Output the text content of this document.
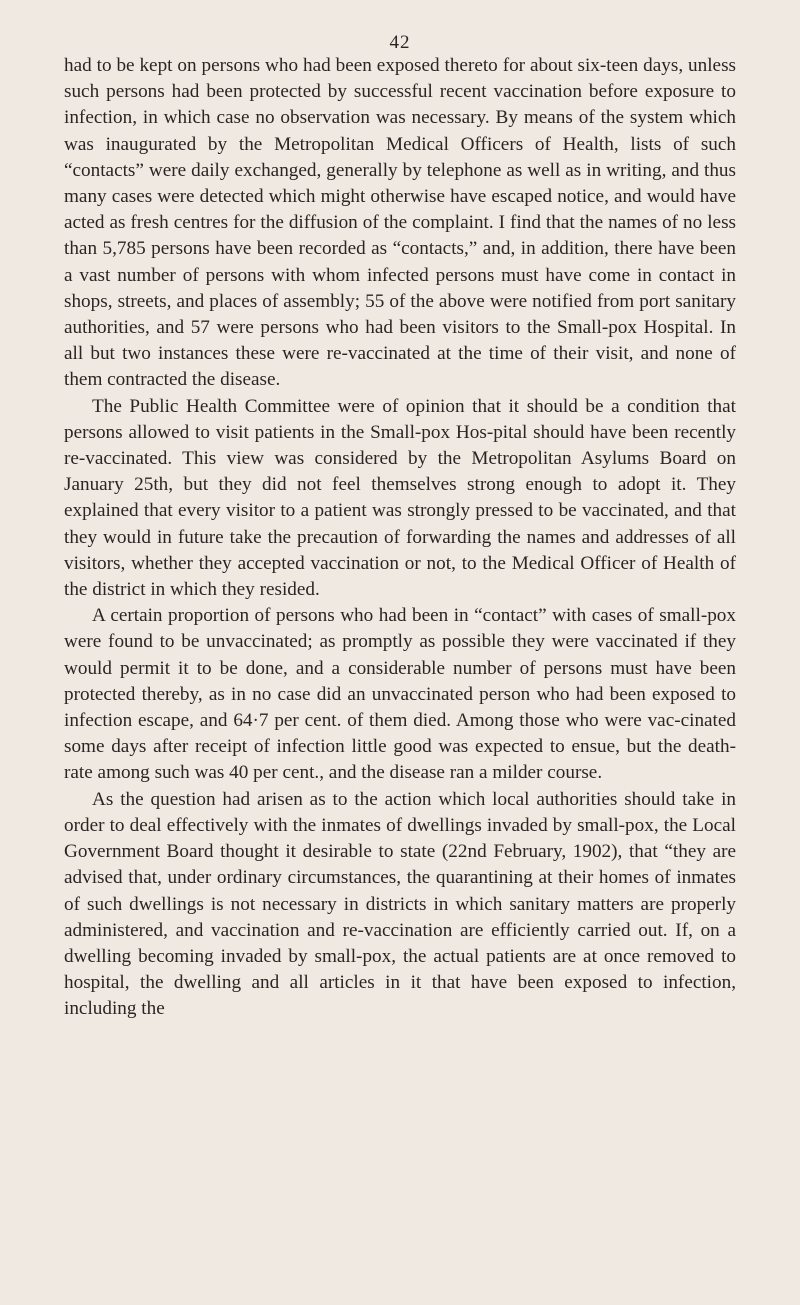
42

had to be kept on persons who had been exposed thereto for about six-teen days, unless such persons had been protected by successful recent vaccination before exposure to infection, in which case no observation was necessary. By means of the system which was inaugurated by the Metropolitan Medical Officers of Health, lists of such “contacts” were daily exchanged, generally by telephone as well as in writing, and thus many cases were detected which might otherwise have escaped notice, and would have acted as fresh centres for the diffusion of the complaint. I find that the names of no less than 5,785 persons have been recorded as “contacts,” and, in addition, there have been a vast number of persons with whom infected persons must have come in contact in shops, streets, and places of assembly; 55 of the above were notified from port sanitary authorities, and 57 were persons who had been visitors to the Small-pox Hospital. In all but two instances these were re-vaccinated at the time of their visit, and none of them contracted the disease.

The Public Health Committee were of opinion that it should be a condition that persons allowed to visit patients in the Small-pox Hos-pital should have been recently re-vaccinated. This view was considered by the Metropolitan Asylums Board on January 25th, but they did not feel themselves strong enough to adopt it. They explained that every visitor to a patient was strongly pressed to be vaccinated, and that they would in future take the precaution of forwarding the names and addresses of all visitors, whether they accepted vaccination or not, to the Medical Officer of Health of the district in which they resided.

A certain proportion of persons who had been in “contact” with cases of small-pox were found to be unvaccinated; as promptly as possible they were vaccinated if they would permit it to be done, and a considerable number of persons must have been protected thereby, as in no case did an unvaccinated person who had been exposed to infection escape, and 64·7 per cent. of them died. Among those who were vac-cinated some days after receipt of infection little good was expected to ensue, but the death-rate among such was 40 per cent., and the disease ran a milder course.

As the question had arisen as to the action which local authorities should take in order to deal effectively with the inmates of dwellings invaded by small-pox, the Local Government Board thought it desirable to state (22nd February, 1902), that “they are advised that, under ordinary circumstances, the quarantining at their homes of inmates of such dwellings is not necessary in districts in which sanitary matters are properly administered, and vaccination and re-vaccination are efficiently carried out. If, on a dwelling becoming invaded by small-pox, the actual patients are at once removed to hospital, the dwelling and all articles in it that have been exposed to infection, including the
